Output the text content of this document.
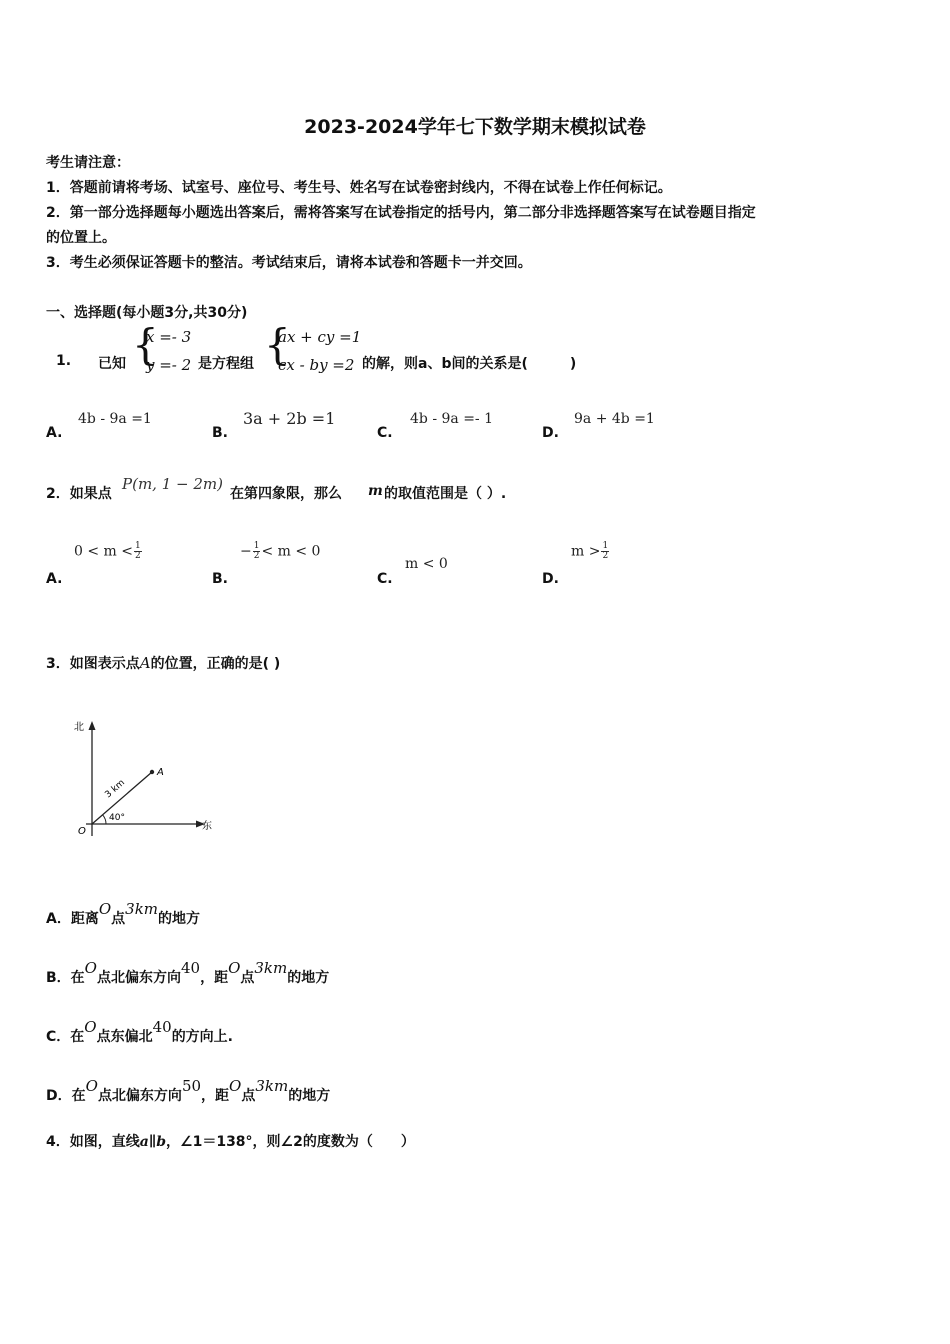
2023-2024学年七下数学期末模拟试卷
考生请注意：
1．答题前请将考场、试室号、座位号、考生号、姓名写在试卷密封线内，不得在试卷上作任何标记。
2．第一部分选择题每小题选出答案后，需将答案写在试卷指定的括号内，第二部分非选择题答案写在试卷题目指定
的位置上。
3．考生必须保证答题卡的整洁。考试结束后，请将本试卷和答题卡一并交回。
一、选择题(每小题3分,共30分)
1. 已知 {
x =- 3
y =- 2 是方程组 {
ax + cy =1
cx - by =2 的解，则a、b间的关系是(　　　)
A.
4b - 9a =1
B.
3a + 2b =1
C.
4b - 9a =- 1
D.
9a + 4b =1
2．如果点
P(m, 1 − 2m)
在第四象限，那么 m 的取值范围是（ ）.
A.
$0 < m < \frac{1}{2}$
B.
− $\frac{1}{2} < m < 0$
C.
m < 0
D.
$m > \frac{1}{2}$
3．如图表示点A的位置，正确的是( )
北
东
O
A
3 km
40°
A．距离O点3km的地方
B．在O点北偏东方向40，距O点3km的地方
C．在O点东偏北40的方向上.
D．在O点北偏东方向50，距O点3km的地方
4．如图，直线a∥b，∠1＝138°，则∠2的度数为（　　）
